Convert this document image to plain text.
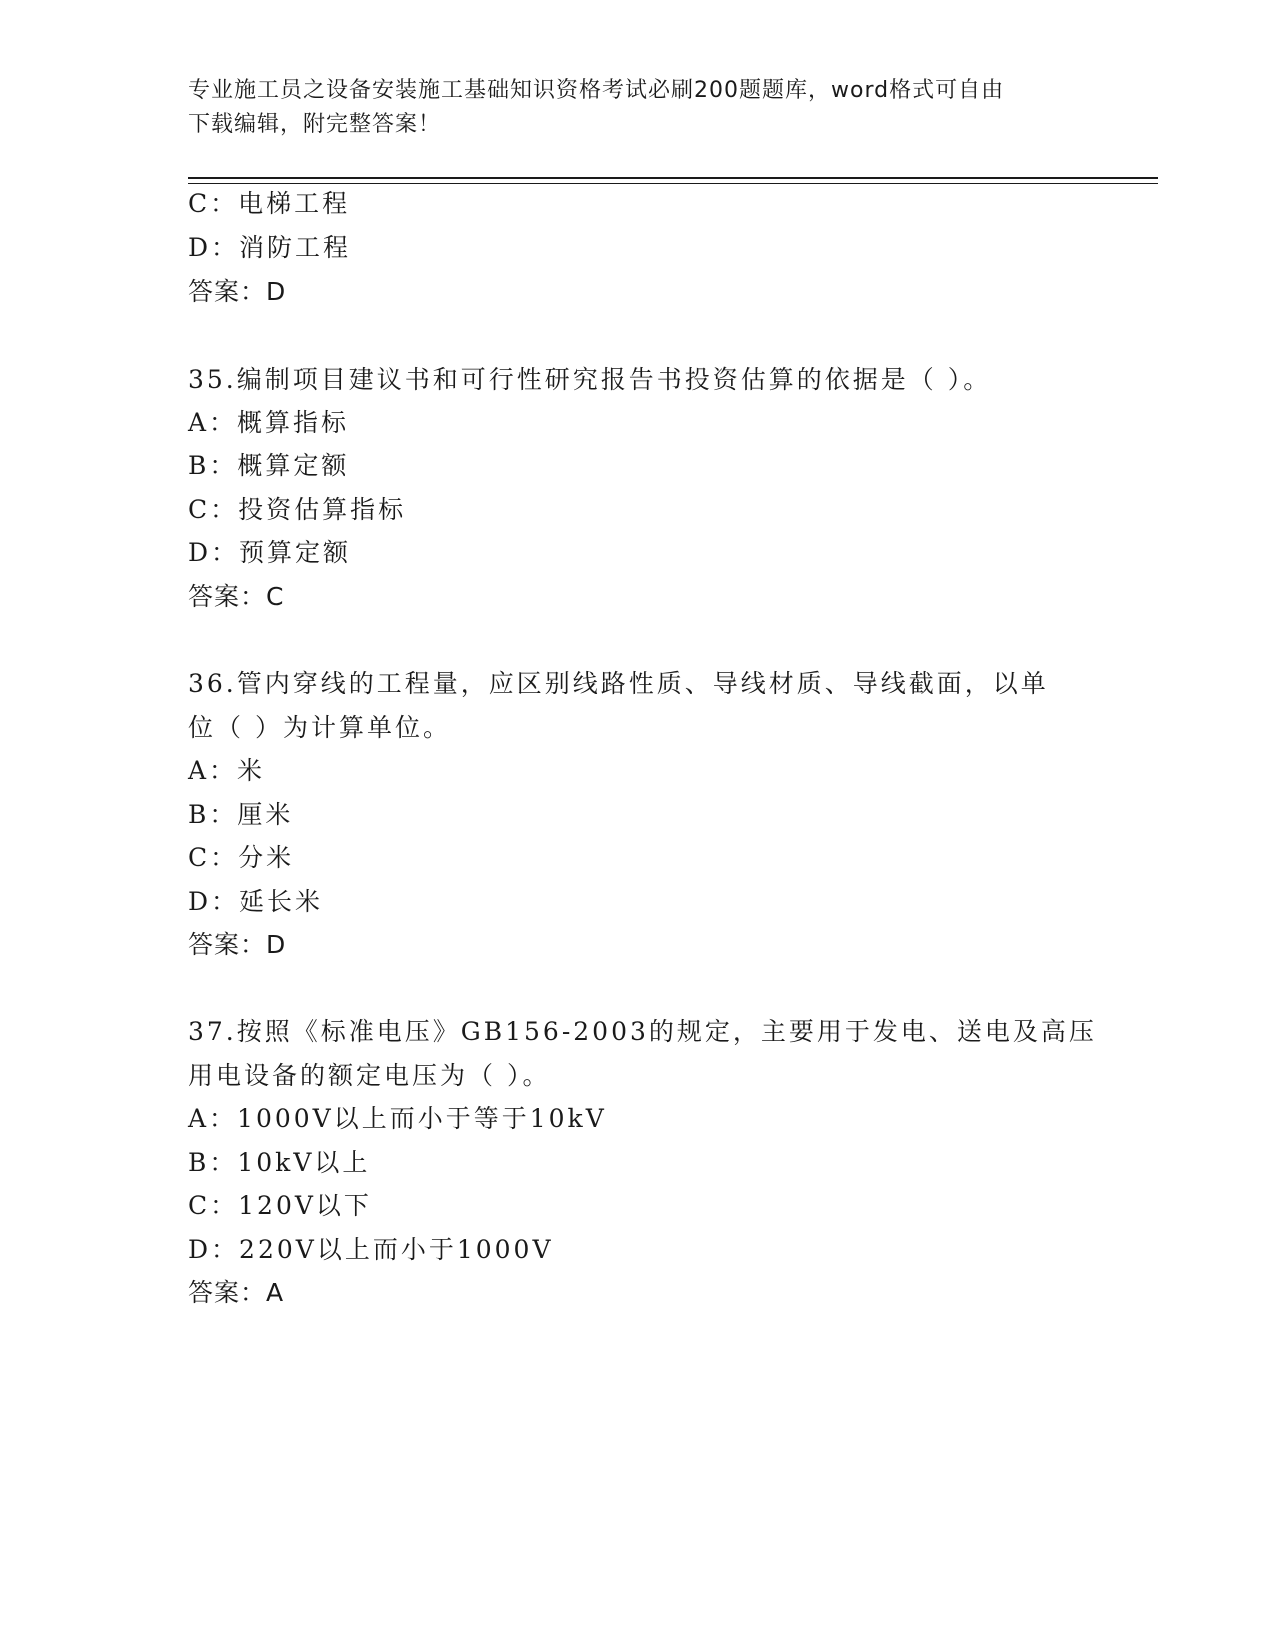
专业施工员之设备安装施工基础知识资格考试必刷200题题库，word格式可自由
下载编辑，附完整答案！
C：电梯工程
D：消防工程
答案：D
35.编制项目建议书和可行性研究报告书投资估算的依据是（ ）。
A：概算指标
B：概算定额
C：投资估算指标
D：预算定额
答案：C
36.管内穿线的工程量，应区别线路性质、导线材质、导线截面，以单
位（ ）为计算单位。
A：米
B：厘米
C：分米
D：延长米
答案：D
37.按照《标准电压》GB156-2003的规定，主要用于发电、送电及高压
用电设备的额定电压为（ ）。
A：1000V以上而小于等于10kV
B：10kV以上
C：120V以下
D：220V以上而小于1000V
答案：A
